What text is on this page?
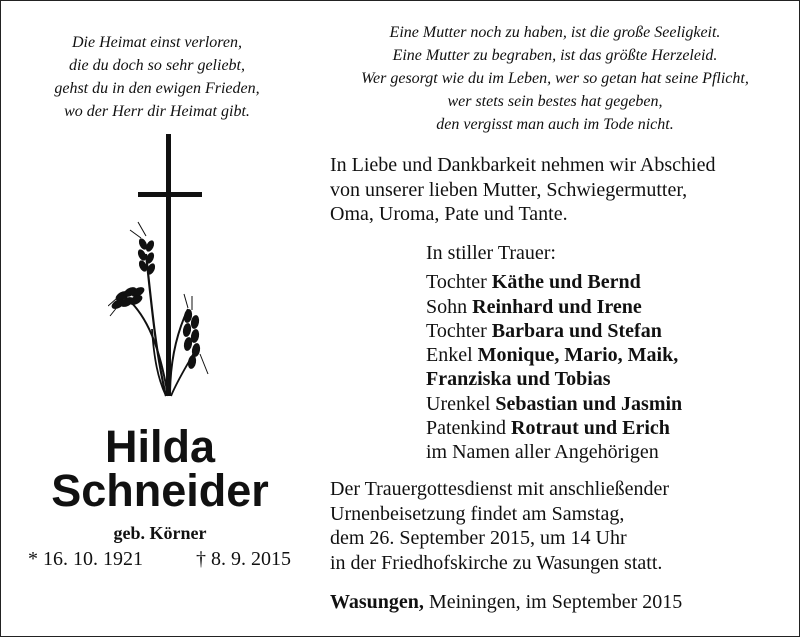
Die Heimat einst verloren,
die du doch so sehr geliebt,
gehst du in den ewigen Frieden,
wo der Herr dir Heimat gibt.
Eine Mutter noch zu haben, ist die große Seeligkeit.
Eine Mutter zu begraben, ist das größte Herzeleid.
Wer gesorgt wie du im Leben, wer so getan hat seine Pflicht,
wer stets sein bestes hat gegeben,
den vergisst man auch im Tode nicht.
Hilda
Schneider
geb. Körner
* 16. 10. 1921	† 8. 9. 2015
In Liebe und Dankbarkeit nehmen wir Abschied
von unserer lieben Mutter, Schwiegermutter,
Oma, Uroma, Pate und Tante.
In stiller Trauer:
Tochter Käthe und Bernd
Sohn Reinhard und Irene
Tochter Barbara und Stefan
Enkel Monique, Mario, Maik,
Franziska und Tobias
Urenkel Sebastian und Jasmin
Patenkind Rotraut und Erich
im Namen aller Angehörigen
Der Trauergottesdienst mit anschließender
Urnenbeisetzung findet am Samstag,
dem 26. September 2015, um 14 Uhr
in der Friedhofskirche zu Wasungen statt.
Wasungen, Meiningen, im September 2015
